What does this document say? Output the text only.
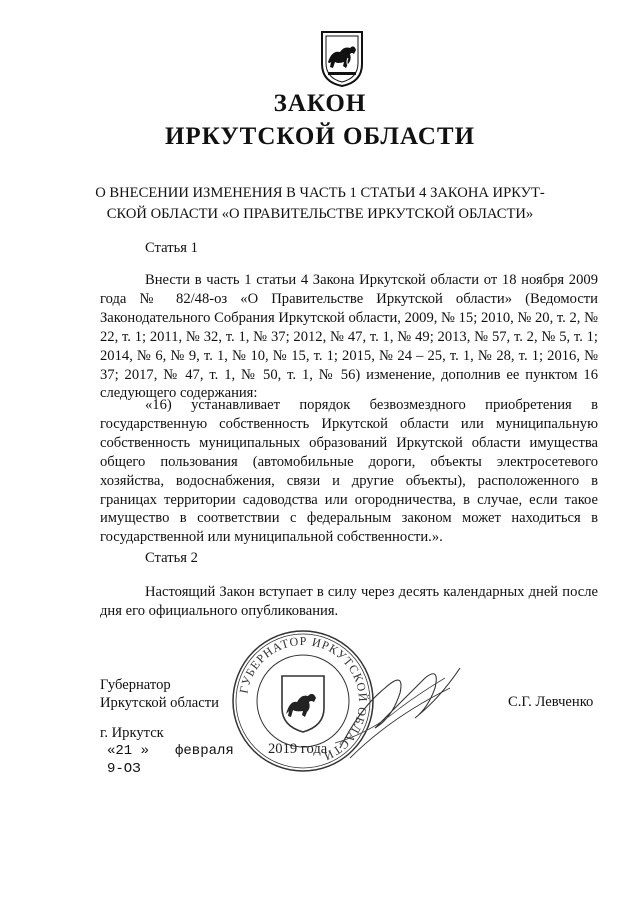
ЗАКОН
ИРКУТСКОЙ ОБЛАСТИ
О ВНЕСЕНИИ ИЗМЕНЕНИЯ В ЧАСТЬ 1 СТАТЬИ 4 ЗАКОНА ИРКУТ-
СКОЙ ОБЛАСТИ «О ПРАВИТЕЛЬСТВЕ ИРКУТСКОЙ ОБЛАСТИ»
Статья 1

Внести в часть 1 статьи 4 Закона Иркутской области от 18 ноября 2009 года № 82/48-оз «О Правительстве Иркутской области» (Ведомости Законодательного Собрания Иркутской области, 2009, № 15; 2010, № 20, т. 2, № 22, т. 1; 2011, № 32, т. 1, № 37; 2012, № 47, т. 1, № 49; 2013, № 57, т. 2, № 5, т. 1; 2014, № 6, № 9, т. 1, № 10, № 15, т. 1; 2015, № 24 – 25, т. 1, № 28, т. 1; 2016, № 37; 2017, № 47, т. 1, № 50, т. 1, № 56) изменение, дополнив ее пунктом 16 следующего содержания:

«16) устанавливает порядок безвозмездного приобретения в государственную собственность Иркутской области или муниципальную собственность муниципальных образований Иркутской области имущества общего пользования (автомобильные дороги, объекты электросетевого хозяйства, водоснабжения, связи и другие объекты), расположенного в границах территории садоводства или огородничества, в случае, если такое имущество в соответствии с федеральным законом может находиться в государственной или муниципальной собственности.».

Статья 2

Настоящий Закон вступает в силу через десять календарных дней после дня его официального опубликования.

ГУБЕРНАТОР ИРКУТСКОЙ ОБЛАСТИ
Губернатор
Иркутской области	С.Г. Левченко
г. Иркутск
«21 » февраля 2019 года
9-ОЗ
